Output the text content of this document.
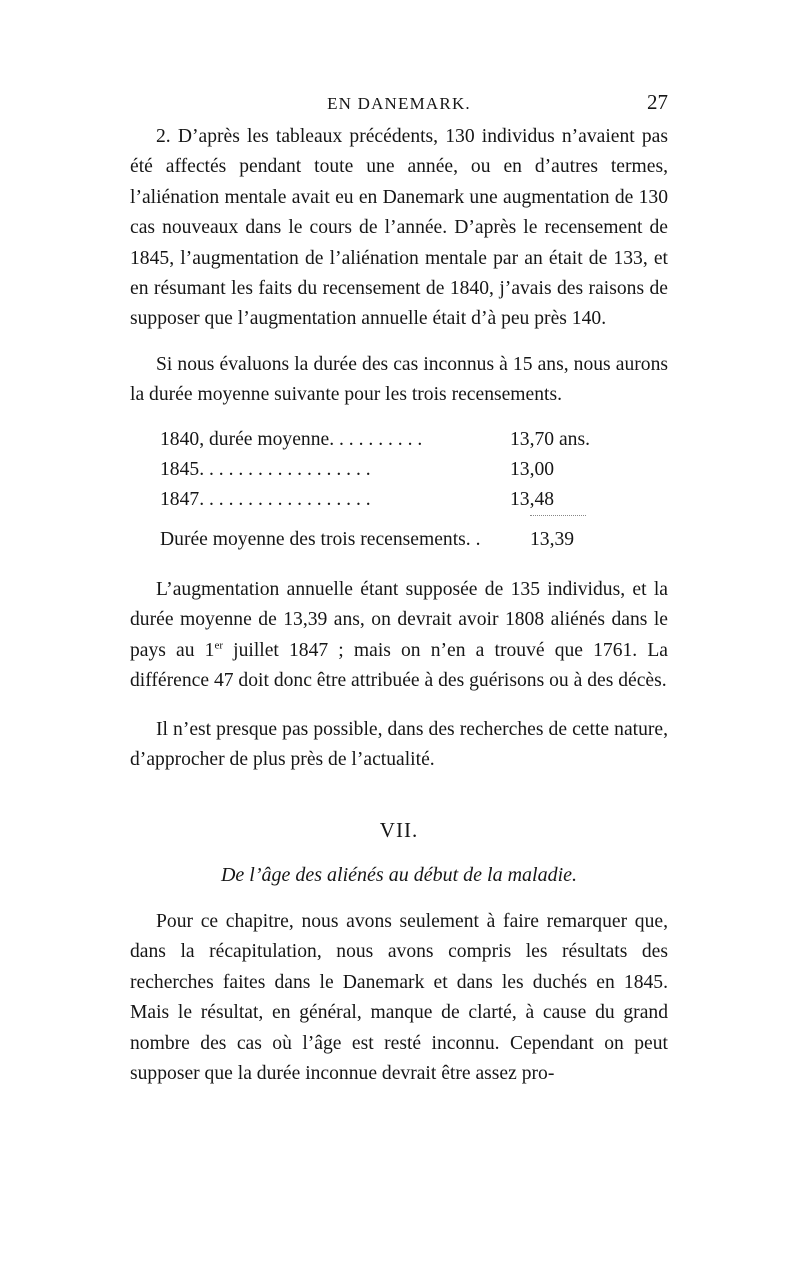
EN DANEMARK.	27

2. D’après les tableaux précédents, 130 individus n’avaient pas été affectés pendant toute une année, ou en d’autres termes, l’aliénation mentale avait eu en Danemark une augmentation de 130 cas nouveaux dans le cours de l’année. D’après le recensement de 1845, l’augmentation de l’aliénation mentale par an était de 133, et en résumant les faits du recensement de 1840, j’avais des raisons de supposer que l’augmentation annuelle était d’à peu près 140.

Si nous évaluons la durée des cas inconnus à 15 ans, nous aurons la durée moyenne suivante pour les trois recensements.

1840, durée moyenne. . . . . . . . . .	13,70 ans.
1845. . . . . . . . . . . . . . . . . .	13,00
1847. . . . . . . . . . . . . . . . . .	13,48
Durée moyenne des trois recensements. .	13,39

L’augmentation annuelle étant supposée de 135 individus, et la durée moyenne de 13,39 ans, on devrait avoir 1808 aliénés dans le pays au 1er juillet 1847 ; mais on n’en a trouvé que 1761. La différence 47 doit donc être attribuée à des guérisons ou à des décès.

Il n’est presque pas possible, dans des recherches de cette nature, d’approcher de plus près de l’actualité.

VII.
De l’âge des aliénés au début de la maladie.

Pour ce chapitre, nous avons seulement à faire remarquer que, dans la récapitulation, nous avons compris les résultats des recherches faites dans le Danemark et dans les duchés en 1845. Mais le résultat, en général, manque de clarté, à cause du grand nombre des cas où l’âge est resté inconnu. Cependant on peut supposer que la durée inconnue devrait être assez pro-
